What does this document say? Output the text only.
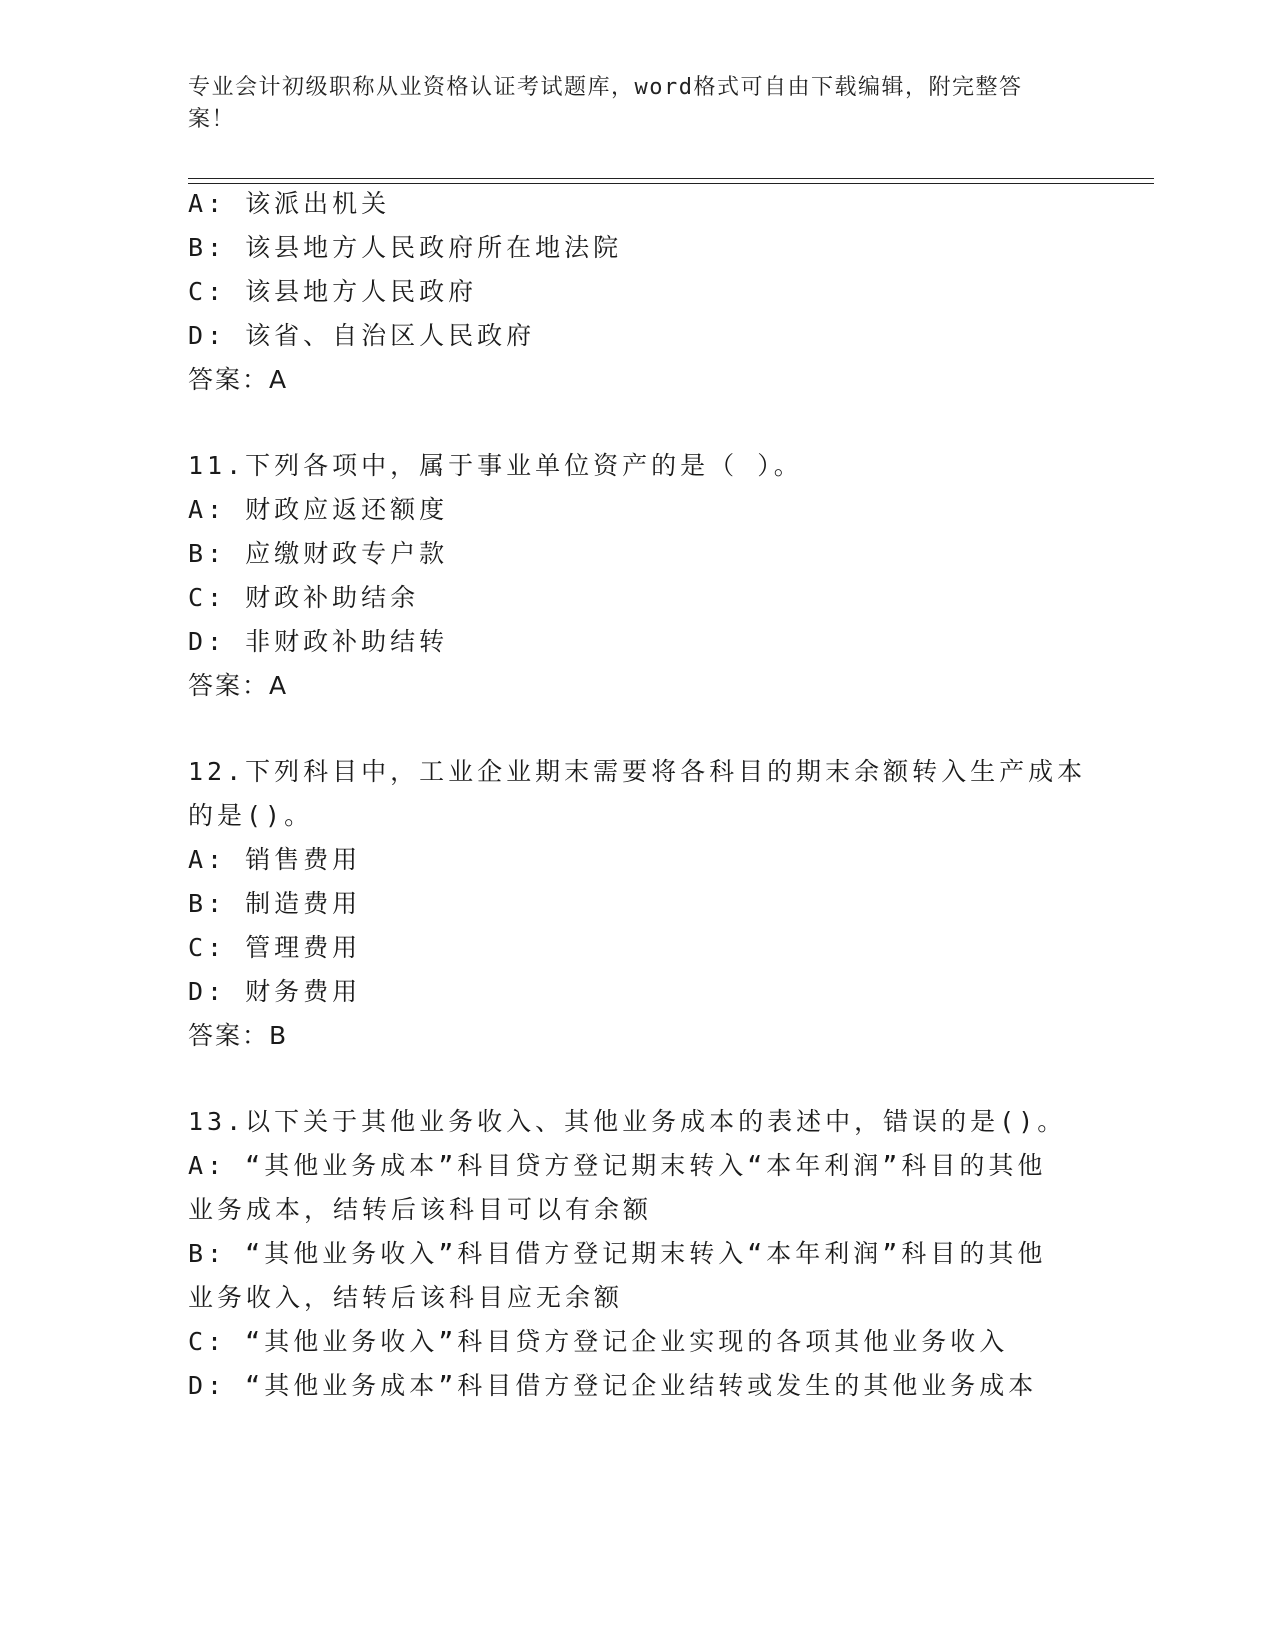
专业会计初级职称从业资格认证考试题库，word格式可自由下载编辑，附完整答
案！
A: 该派出机关
B: 该县地方人民政府所在地法院
C: 该县地方人民政府
D: 该省、自治区人民政府
答案：A
11.下列各项中，属于事业单位资产的是（ ）。
A: 财政应返还额度
B: 应缴财政专户款
C: 财政补助结余
D: 非财政补助结转
答案：A
12.下列科目中，工业企业期末需要将各科目的期末余额转入生产成本
的是()。
A: 销售费用
B: 制造费用
C: 管理费用
D: 财务费用
答案：B
13.以下关于其他业务收入、其他业务成本的表述中，错误的是()。
A: “其他业务成本”科目贷方登记期末转入“本年利润”科目的其他
业务成本，结转后该科目可以有余额
B: “其他业务收入”科目借方登记期末转入“本年利润”科目的其他
业务收入，结转后该科目应无余额
C: “其他业务收入”科目贷方登记企业实现的各项其他业务收入
D: “其他业务成本”科目借方登记企业结转或发生的其他业务成本
